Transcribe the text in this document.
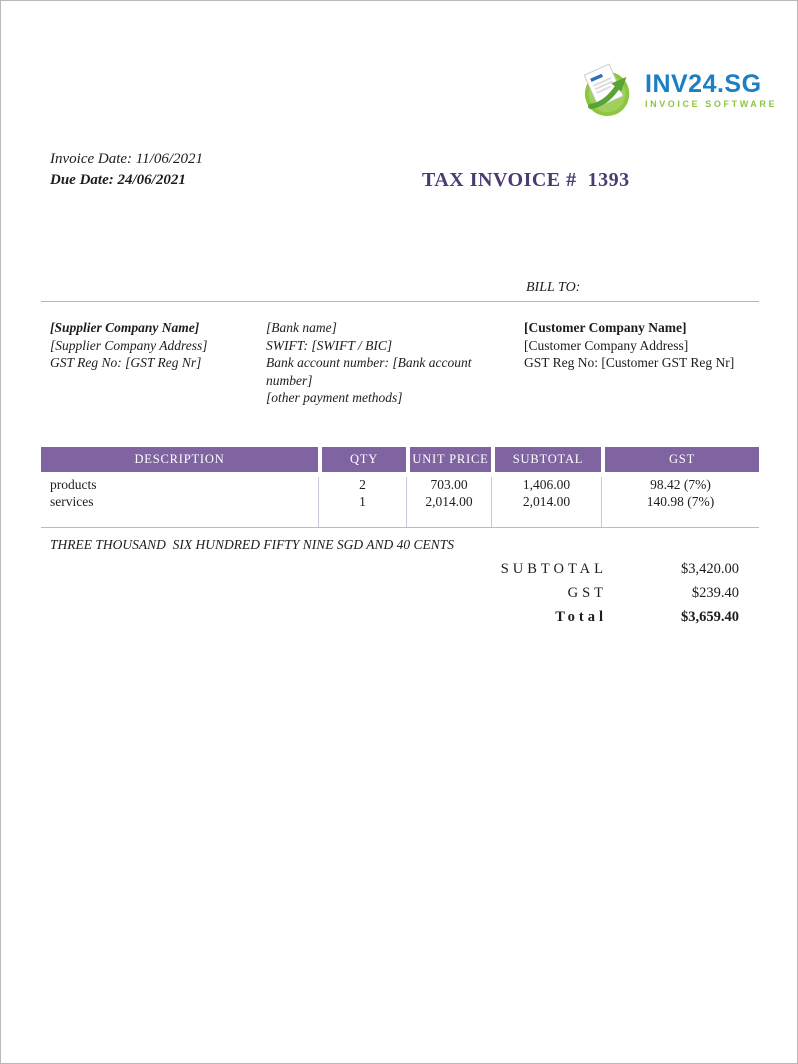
INV24.SG
INVOICE SOFTWARE
Invoice Date: 11/06/2021
Due Date: 24/06/2021	TAX INVOICE #  1393
BILL TO:
[Supplier Company Name]
[Supplier Company Address]
GST Reg No: [GST Reg Nr]
[Bank name]
SWIFT: [SWIFT / BIC]
Bank account number: [Bank account number]
[other payment methods]
[Customer Company Name]
[Customer Company Address]
GST Reg No: [Customer GST Reg Nr]
DESCRIPTION	QTY	UNIT PRICE	SUBTOTAL	GST
products	2	703.00	1,406.00	98.42 (7%)
services	1	2,014.00	2,014.00	140.98 (7%)
THREE THOUSAND  SIX HUNDRED FIFTY NINE SGD AND 40 CENTS
SUBTOTAL	$3,420.00
GST	$239.40
Total	$3,659.40
